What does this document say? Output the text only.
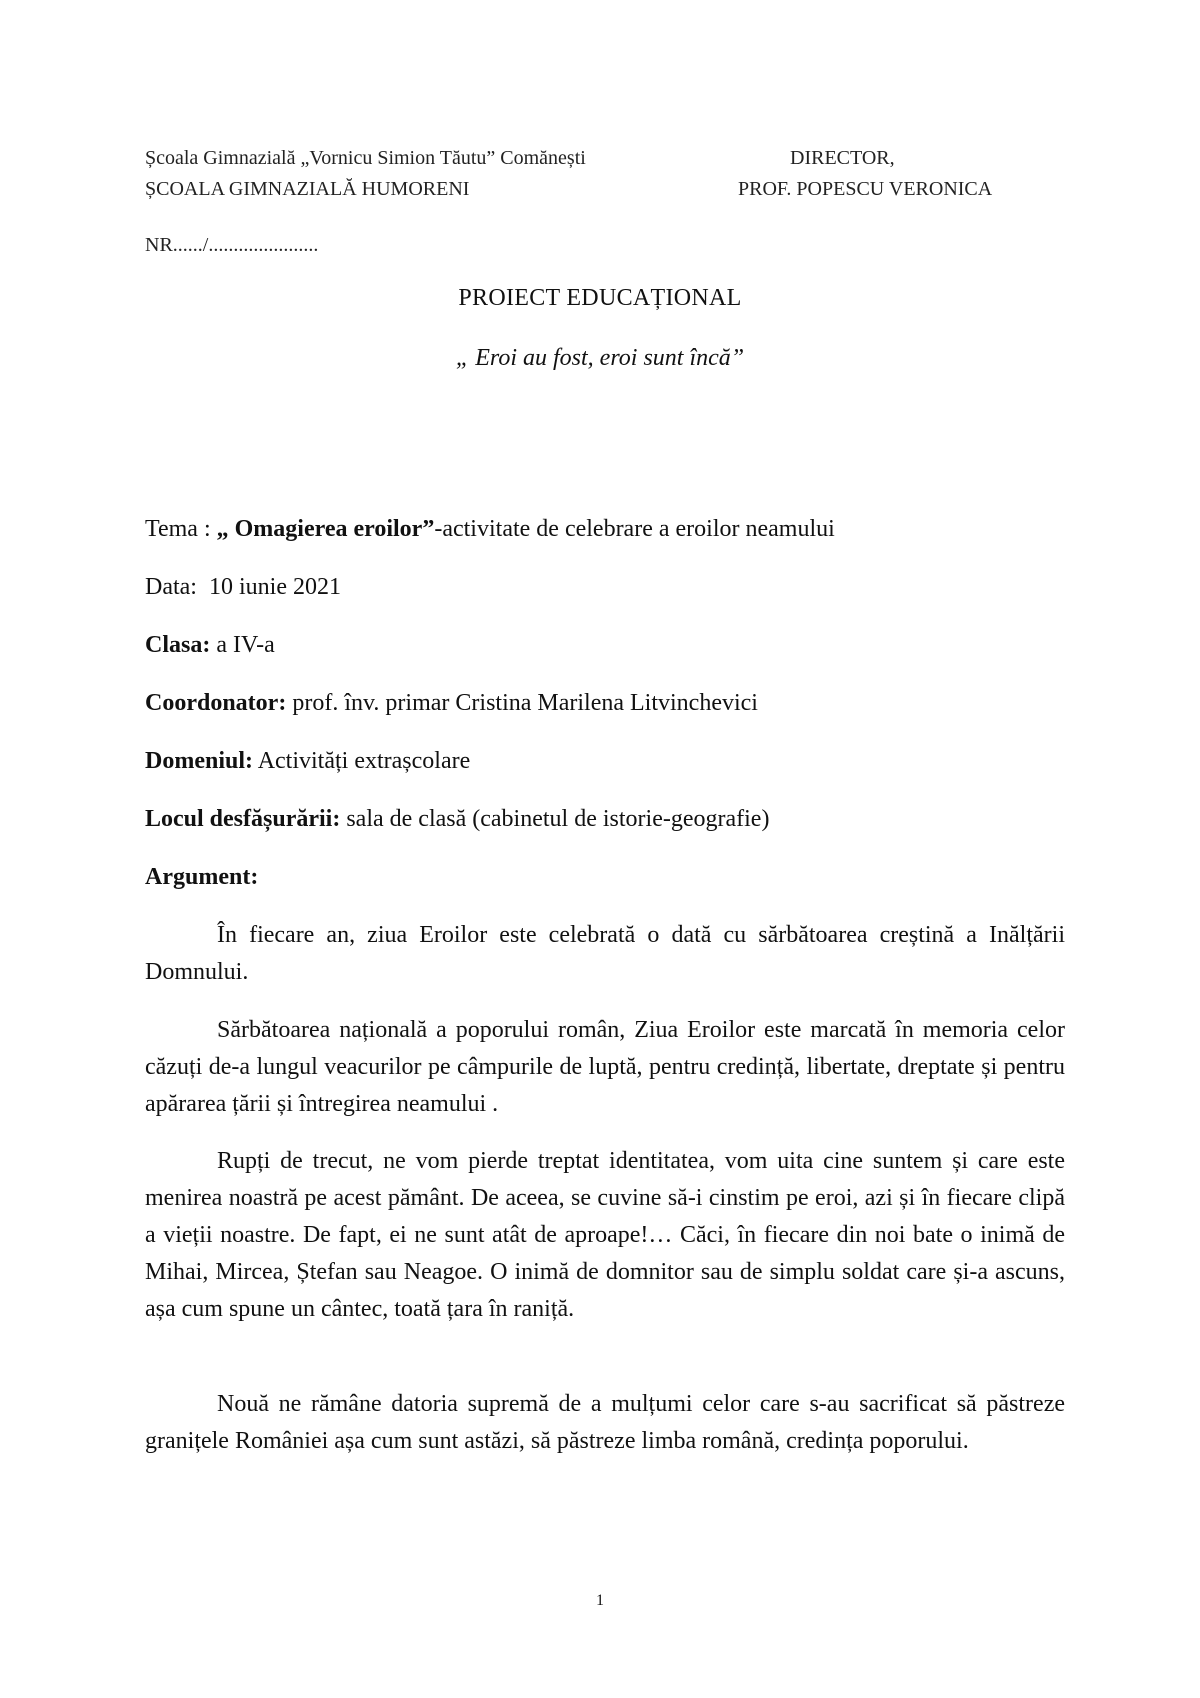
Școala Gimnazială „Vornicu Simion Tăutu” Comănești
ȘCOALA GIMNAZIALĂ HUMORENI
DIRECTOR,
PROF. POPESCU VERONICA
NR....../......................
PROIECT EDUCAȚIONAL
„ Eroi au fost, eroi sunt încă”
Tema : „ Omagierea eroilor”-activitate de celebrare a eroilor neamului
Data: 10 iunie 2021
Clasa: a IV-a
Coordonator: prof. înv. primar Cristina Marilena Litvinchevici
Domeniul: Activități extrașcolare
Locul desfășurării: sala de clasă (cabinetul de istorie-geografie)
Argument:

În fiecare an, ziua Eroilor este celebrată o dată cu sărbătoarea creștină a Inălțării Domnului.

Sărbătoarea națională a poporului român, Ziua Eroilor este marcată în memoria celor căzuți de-a lungul veacurilor pe câmpurile de luptă, pentru credință, libertate, dreptate și pentru apărarea țării și întregirea neamului .

Rupți de trecut, ne vom pierde treptat identitatea, vom uita cine suntem și care este menirea noastră pe acest pământ. De aceea, se cuvine să-i cinstim pe eroi, azi și în fiecare clipă a vieții noastre. De fapt, ei ne sunt atât de aproape!… Căci, în fiecare din noi bate o inimă de Mihai, Mircea, Ștefan sau Neagoe. O inimă de domnitor sau de simplu soldat care și-a ascuns, așa cum spune un cântec, toată țara în raniță.

Nouă ne rămâne datoria supremă de a mulțumi celor care s-au sacrificat să păstreze granițele României așa cum sunt astăzi, să păstreze limba română, credința poporului.

1
